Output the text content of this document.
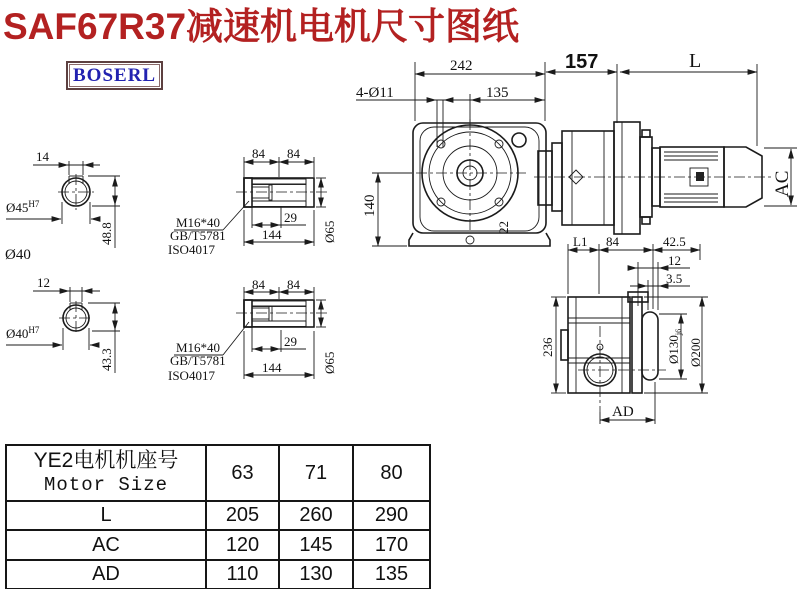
SAF67R37减速机电机尺寸图纸
BOSERL
14
$Ø45^{H7}$
48.8
Ø40
12
$Ø40^{H7}$
43.3
84 84
29
144	Ø65
M16*40
GB/T5781
ISO4017
84 84
29
144	Ø65
M16*40
GB/T5781
ISO4017
242
4-Ø11	135
140
22
157	L
AC
L1 84	42.5
12
3.5
236	$Ø130_{j6}$
Ø200
AD
YE2电机机座号
Motor Size	63	71	80
L	205	260	290
AC	120	145	170
AD	110	130	135
